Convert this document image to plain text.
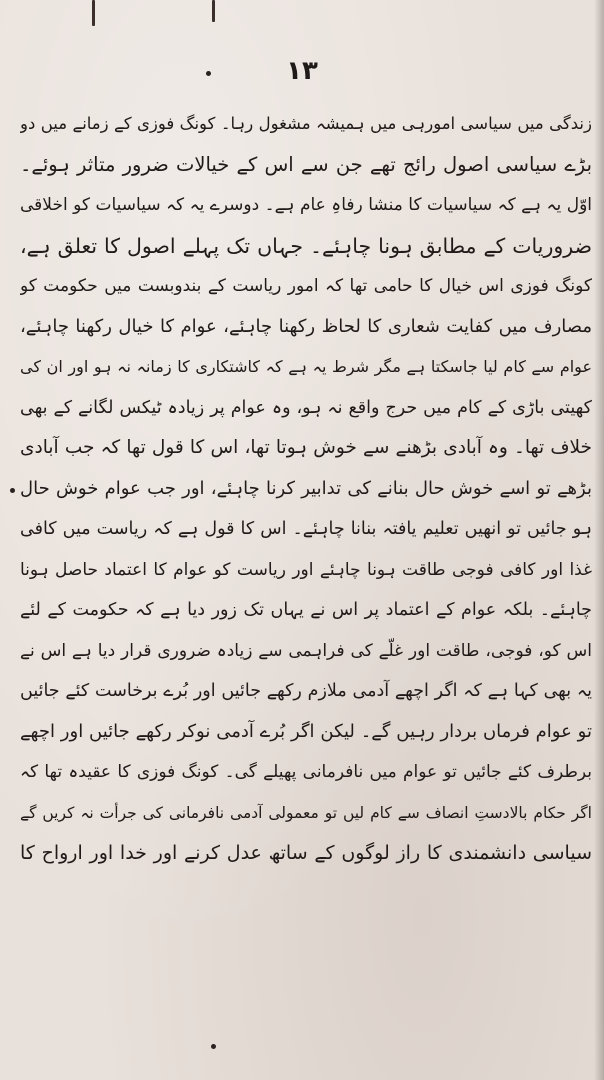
۱۳
زندگی میں سیاسی امورہی میں ہمیشہ مشغول رہا۔ کونگ فوزی کے زمانے میں دو
بڑے سیاسی اصول رائج تھے جن سے اس کے خیالات ضرور متاثر ہوئے۔
اوّل یہ ہے کہ سیاسیات کا منشا رفاہِ عام ہے۔ دوسرے یہ کہ سیاسیات کو اخلاقی
ضروریات کے مطابق ہونا چاہئے۔ جہاں تک پہلے اصول کا تعلق ہے،
کونگ فوزی اس خیال کا حامی تھا کہ امور ریاست کے بندوبست میں حکومت کو
مصارف میں کفایت شعاری کا لحاظ رکھنا چاہئے، عوام کا خیال رکھنا چاہئے،
عوام سے کام لیا جاسکتا ہے مگر شرط یہ ہے کہ کاشتکاری کا زمانہ نہ ہو اور ان کی
کھیتی باڑی کے کام میں حرج واقع نہ ہو، وہ عوام پر زیادہ ٹیکس لگانے کے بھی
خلاف تھا۔ وہ آبادی بڑھنے سے خوش ہوتا تھا، اس کا قول تھا کہ جب آبادی
بڑھے تو اسے خوش حال بنانے کی تدابیر کرنا چاہئے، اور جب عوام خوش حال
ہو جائیں تو انھیں تعلیم یافتہ بنانا چاہئے۔ اس کا قول ہے کہ ریاست میں کافی
غذا اور کافی فوجی طاقت ہونا چاہئے اور ریاست کو عوام کا اعتماد حاصل ہونا
چاہئے۔ بلکہ عوام کے اعتماد پر اس نے یہاں تک زور دیا ہے کہ حکومت کے لئے
اس کو، فوجی، طاقت اور غلّے کی فراہمی سے زیادہ ضروری قرار دیا ہے اس نے
یہ بھی کہا ہے کہ اگر اچھے آدمی ملازم رکھے جائیں اور بُرے برخاست کئے جائیں
تو عوام فرماں بردار رہیں گے۔ لیکن اگر بُرے آدمی نوکر رکھے جائیں اور اچھے
برطرف کئے جائیں تو عوام میں نافرمانی پھیلے گی۔ کونگ فوزی کا عقیدہ تھا کہ
اگر حکام بالادستِ انصاف سے کام لیں تو معمولی آدمی نافرمانی کی جرأت نہ کریں گے
سیاسی دانشمندی کا راز لوگوں کے ساتھ عدل کرنے اور خدا اور ارواح کا
